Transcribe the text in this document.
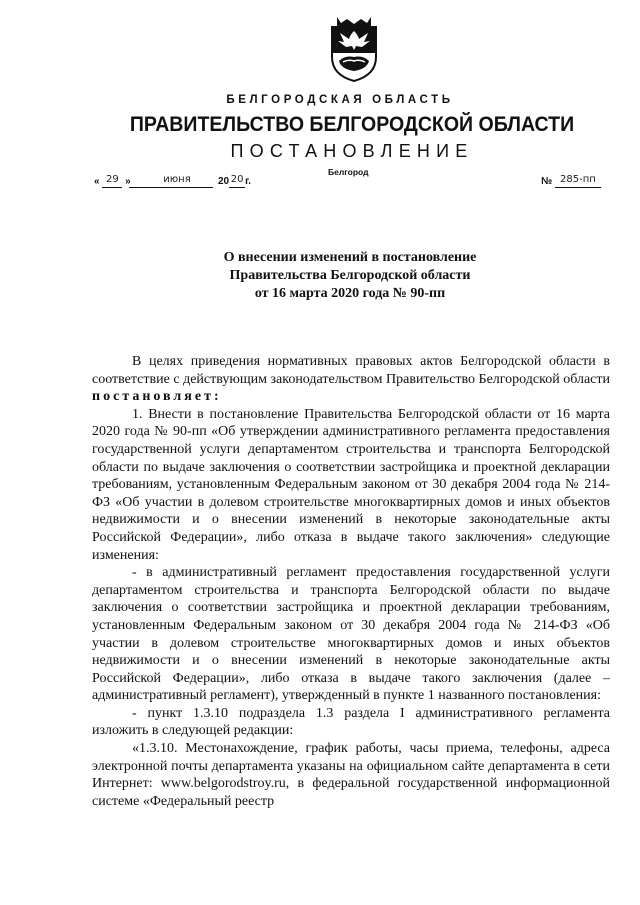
БЕЛГОРОДСКАЯ ОБЛАСТЬ
ПРАВИТЕЛЬСТВО БЕЛГОРОДСКОЙ ОБЛАСТИ
ПОСТАНОВЛЕНИЕ
Белгород
« 29 »	июня	20 20 г.	№ 285-пп
О внесении изменений в постановление
Правительства Белгородской области
от 16 марта 2020 года № 90-пп

В целях приведения нормативных правовых актов Белгородской области в соответствие с действующим законодательством Правительство Белгородской области постановляет:

1. Внести в постановление Правительства Белгородской области от 16 марта 2020 года № 90-пп «Об утверждении административного регламента предоставления государственной услуги департаментом строительства и транспорта Белгородской области по выдаче заключения о соответствии застройщика и проектной декларации требованиям, установленным Федеральным законом от 30 декабря 2004 года № 214-ФЗ «Об участии в долевом строительстве многоквартирных домов и иных объектов недвижимости и о внесении изменений в некоторые законодательные акты Российской Федерации», либо отказа в выдаче такого заключения» следующие изменения:

- в административный регламент предоставления государственной услуги департаментом строительства и транспорта Белгородской области по выдаче заключения о соответствии застройщика и проектной декларации требованиям, установленным Федеральным законом от 30 декабря 2004 года № 214-ФЗ «Об участии в долевом строительстве многоквартирных домов и иных объектов недвижимости и о внесении изменений в некоторые законодательные акты Российской Федерации», либо отказа в выдаче такого заключения (далее – административный регламент), утвержденный в пункте 1 названного постановления:

- пункт 1.3.10 подраздела 1.3 раздела I административного регламента изложить в следующей редакции:

«1.3.10. Местонахождение, график работы, часы приема, телефоны, адреса электронной почты департамента указаны на официальном сайте департамента в сети Интернет: www.belgorodstroy.ru, в федеральной государственной информационной системе «Федеральный реестр
